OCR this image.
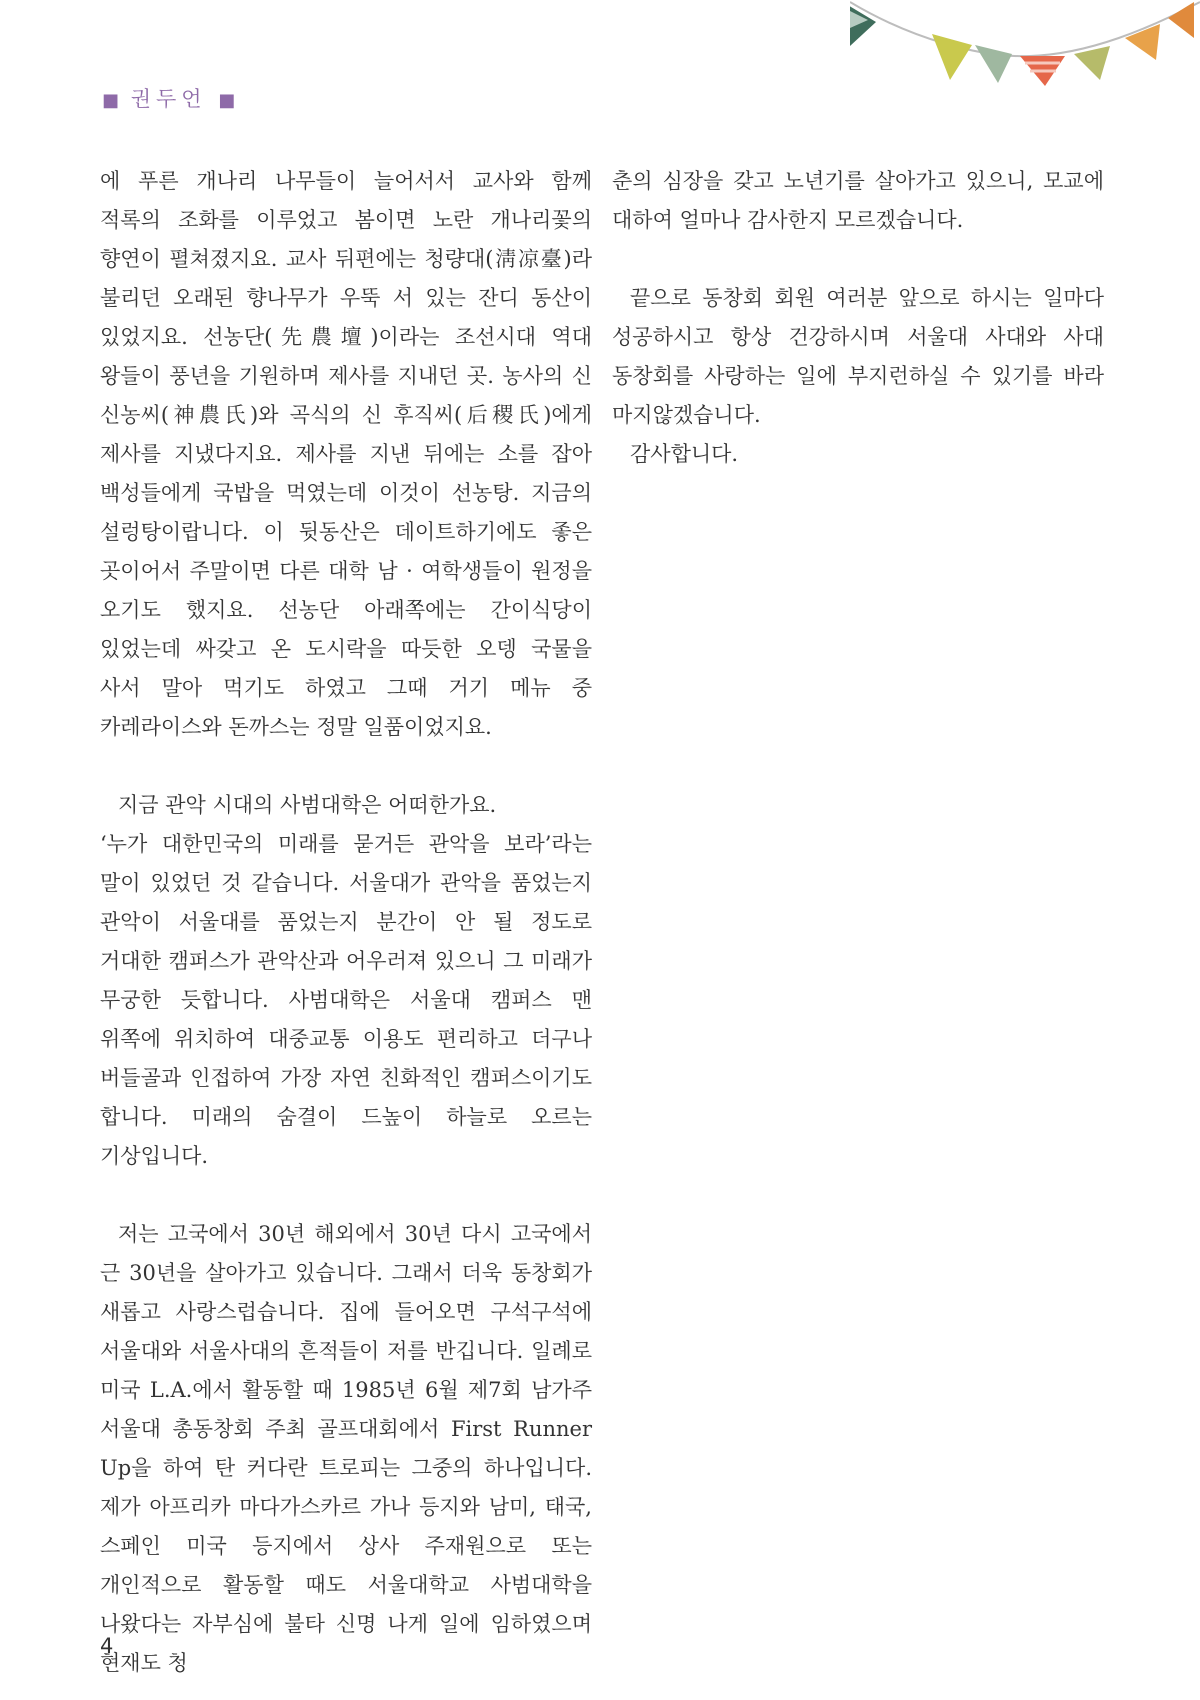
■ 권두언 ■

에 푸른 개나리 나무들이 늘어서서 교사와 함께 적록의 조화를 이루었고 봄이면 노란 개나리꽃의 향연이 펼쳐졌지요. 교사 뒤편에는 청량대(淸凉臺)라 불리던 오래된 향나무가 우뚝 서 있는 잔디 동산이 있었지요. 선농단(先農壇)이라는 조선시대 역대 왕들이 풍년을 기원하며 제사를 지내던 곳. 농사의 신 신농씨(神農氏)와 곡식의 신 후직씨(后稷氏)에게 제사를 지냈다지요. 제사를 지낸 뒤에는 소를 잡아 백성들에게 국밥을 먹였는데 이것이 선농탕. 지금의 설렁탕이랍니다. 이 뒷동산은 데이트하기에도 좋은 곳이어서 주말이면 다른 대학 남 · 여학생들이 원정을 오기도 했지요. 선농단 아래쪽에는 간이식당이 있었는데 싸갖고 온 도시락을 따듯한 오뎅 국물을 사서 말아 먹기도 하였고 그때 거기 메뉴 중 카레라이스와 돈까스는 정말 일품이었지요.

지금 관악 시대의 사범대학은 어떠한가요.

‘누가 대한민국의 미래를 묻거든 관악을 보라’라는 말이 있었던 것 같습니다. 서울대가 관악을 품었는지 관악이 서울대를 품었는지 분간이 안 될 정도로 거대한 캠퍼스가 관악산과 어우러져 있으니 그 미래가 무궁한 듯합니다. 사범대학은 서울대 캠퍼스 맨 위쪽에 위치하여 대중교통 이용도 편리하고 더구나 버들골과 인접하여 가장 자연 친화적인 캠퍼스이기도 합니다. 미래의 숨결이 드높이 하늘로 오르는 기상입니다.

저는 고국에서 30년 해외에서 30년 다시 고국에서 근 30년을 살아가고 있습니다. 그래서 더욱 동창회가 새롭고 사랑스럽습니다. 집에 들어오면 구석구석에 서울대와 서울사대의 흔적들이 저를 반깁니다. 일례로 미국 L.A.에서 활동할 때 1985년 6월 제7회 남가주 서울대 총동창회 주최 골프대회에서 First Runner Up을 하여 탄 커다란 트로피는 그중의 하나입니다. 제가 아프리카 마다가스카르 가나 등지와 남미, 태국, 스페인 미국 등지에서 상사 주재원으로 또는 개인적으로 활동할 때도 서울대학교 사범대학을 나왔다는 자부심에 불타 신명 나게 일에 임하였으며 현재도 청

춘의 심장을 갖고 노년기를 살아가고 있으니, 모교에 대하여 얼마나 감사한지 모르겠습니다.

끝으로 동창회 회원 여러분 앞으로 하시는 일마다 성공하시고 항상 건강하시며 서울대 사대와 사대 동창회를 사랑하는 일에 부지런하실 수 있기를 바라 마지않겠습니다.

감사합니다.

4
